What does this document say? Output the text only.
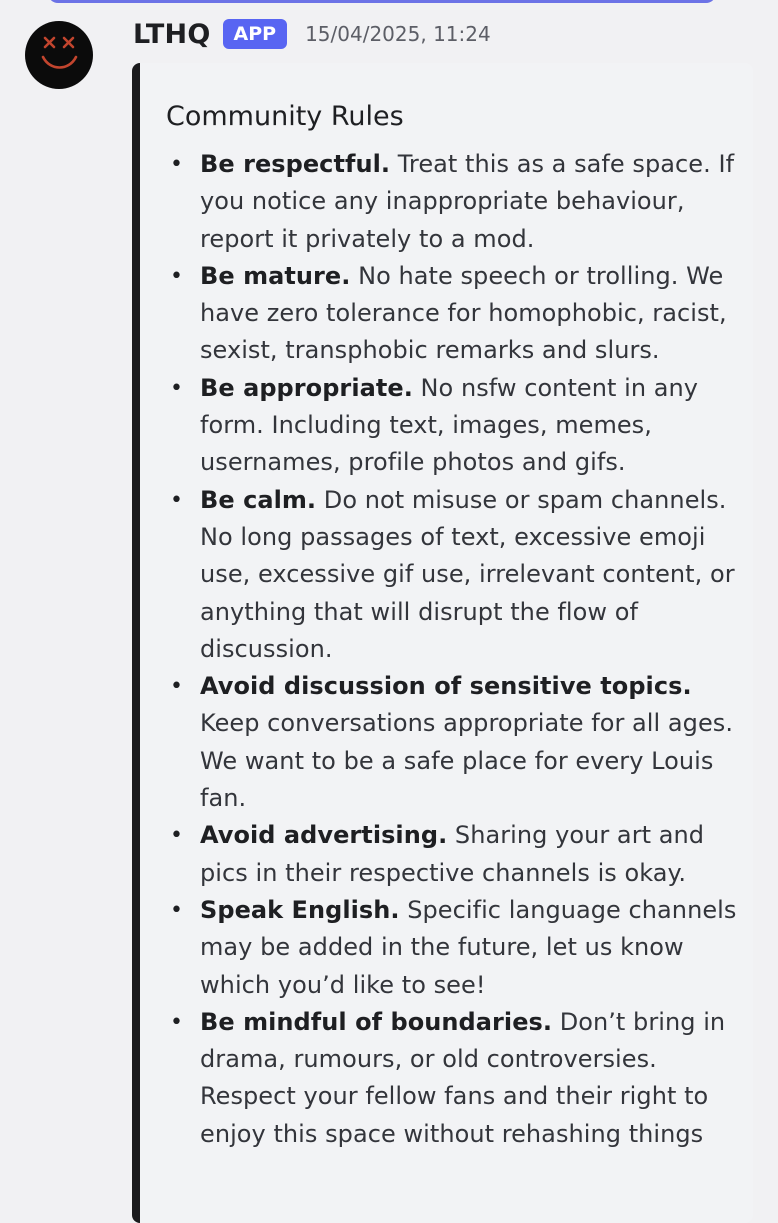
LTHQ	APP	15/04/2025, 11:24
Community Rules
• Be respectful. Treat this as a safe space. If you notice any inappropriate behaviour, report it privately to a mod.
• Be mature. No hate speech or trolling. We have zero tolerance for homophobic, racist, sexist, transphobic remarks and slurs.
• Be appropriate. No nsfw content in any form. Including text, images, memes, usernames, profile photos and gifs.
• Be calm. Do not misuse or spam channels. No long passages of text, excessive emoji use, excessive gif use, irrelevant content, or anything that will disrupt the flow of discussion.
• Avoid discussion of sensitive topics. Keep conversations appropriate for all ages. We want to be a safe place for every Louis fan.
• Avoid advertising. Sharing your art and pics in their respective channels is okay.
• Speak English. Specific language channels may be added in the future, let us know which you’d like to see!
• Be mindful of boundaries. Don’t bring in drama, rumours, or old controversies. Respect your fellow fans and their right to enjoy this space without rehashing things
